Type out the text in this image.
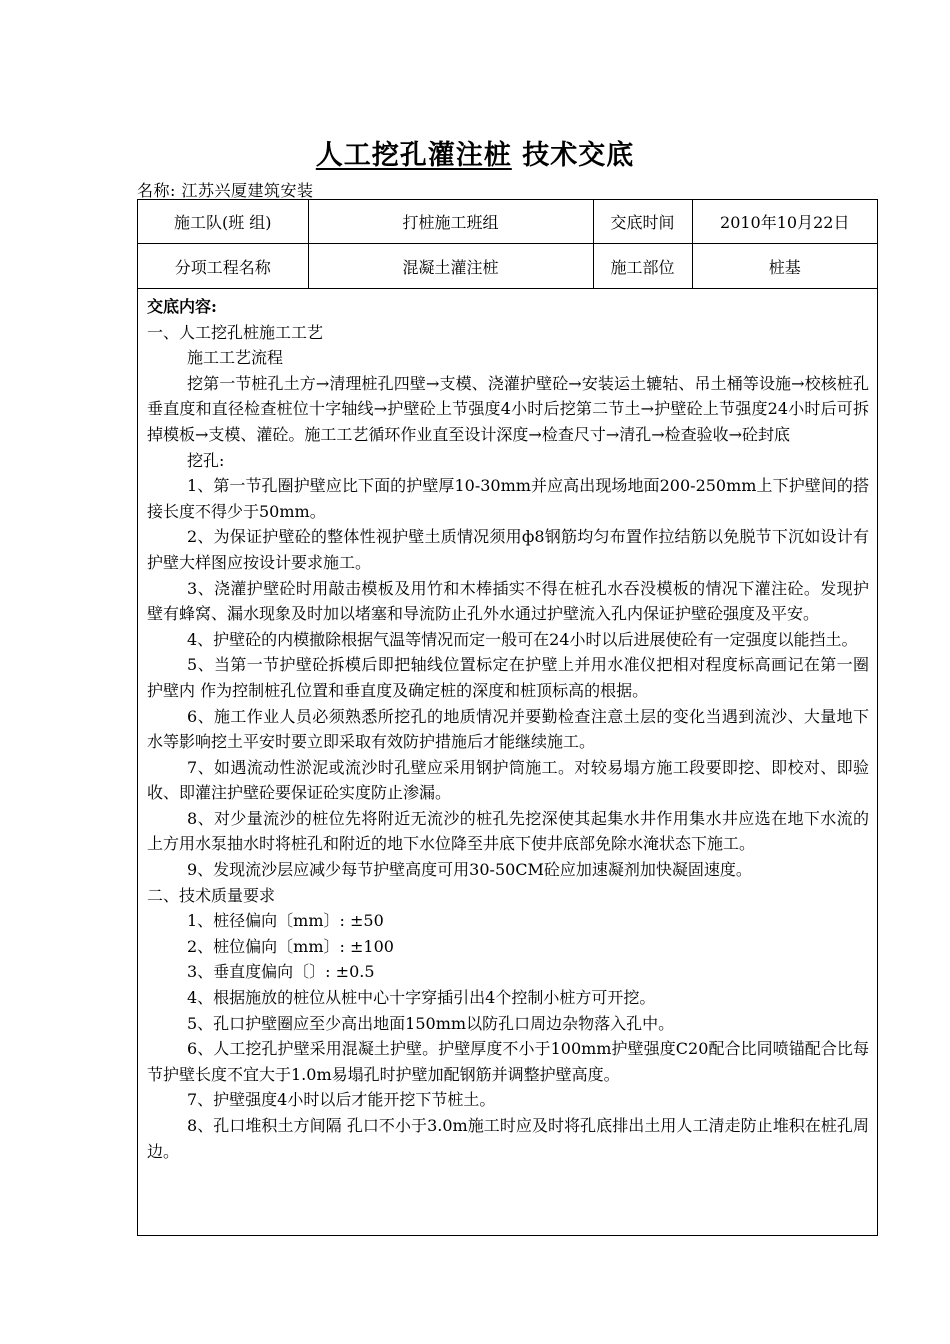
人工挖孔灌注桩 技术交底
名称: 江苏兴厦建筑安装
施工队(班 组)	打桩施工班组	交底时间	2010年10月22日
分项工程名称	混凝土灌注桩	施工部位	桩基

交底内容:

一、人工挖孔桩施工工艺

施工工艺流程

挖第一节桩孔土方→清理桩孔四壁→支模、浇灌护壁砼→安装运土辘轱、吊土桶等设施→校核桩孔垂直度和直径检查桩位十字轴线→护壁砼上节强度4小时后挖第二节土→护壁砼上节强度24小时后可拆掉模板→支模、灌砼。施工工艺循环作业直至设计深度→检查尺寸→清孔→检查验收→砼封底

挖孔:

1、第一节孔圈护壁应比下面的护壁厚10-30mm并应高出现场地面200-250mm上下护壁间的搭接长度不得少于50mm。

2、为保证护壁砼的整体性视护壁土质情况须用ф8钢筋均匀布置作拉结筋以免脱节下沉如设计有护壁大样图应按设计要求施工。

3、浇灌护壁砼时用敲击模板及用竹和木棒插实不得在桩孔水吞没模板的情况下灌注砼。发现护壁有蜂窝、漏水现象及时加以堵塞和导流防止孔外水通过护壁流入孔内保证护壁砼强度及平安。

4、护壁砼的内模撤除根据气温等情况而定一般可在24小时以后进展使砼有一定强度以能挡土。

5、当第一节护壁砼拆模后即把轴线位置标定在护壁上并用水准仪把相对程度标高画记在第一圈护壁内 作为控制桩孔位置和垂直度及确定桩的深度和桩顶标高的根据。

6、施工作业人员必须熟悉所挖孔的地质情况并要勤检查注意土层的变化当遇到流沙、大量地下水等影响挖土平安时要立即采取有效防护措施后才能继续施工。

7、如遇流动性淤泥或流沙时孔壁应采用钢护筒施工。对较易塌方施工段要即挖、即校对、即验收、即灌注护壁砼要保证砼实度防止渗漏。

8、对少量流沙的桩位先将附近无流沙的桩孔先挖深使其起集水井作用集水井应选在地下水流的上方用水泵抽水时将桩孔和附近的地下水位降至井底下使井底部免除水淹状态下施工。

9、发现流沙层应减少每节护壁高度可用30-50CM砼应加速凝剂加快凝固速度。

二、技术质量要求

1、桩径偏向〔mm〕: ±50

2、桩位偏向〔mm〕: ±100

3、垂直度偏向〔〕: ±0.5

4、根据施放的桩位从桩中心十字穿插引出4个控制小桩方可开挖。

5、孔口护壁圈应至少高出地面150mm以防孔口周边杂物落入孔中。

6、人工挖孔护壁采用混凝土护壁。护壁厚度不小于100mm护壁强度C20配合比同喷锚配合比每节护壁长度不宜大于1.0m易塌孔时护壁加配钢筋并调整护壁高度。

7、护壁强度4小时以后才能开挖下节桩土。

8、孔口堆积土方间隔 孔口不小于3.0m施工时应及时将孔底排出土用人工清走防止堆积在桩孔周边。
